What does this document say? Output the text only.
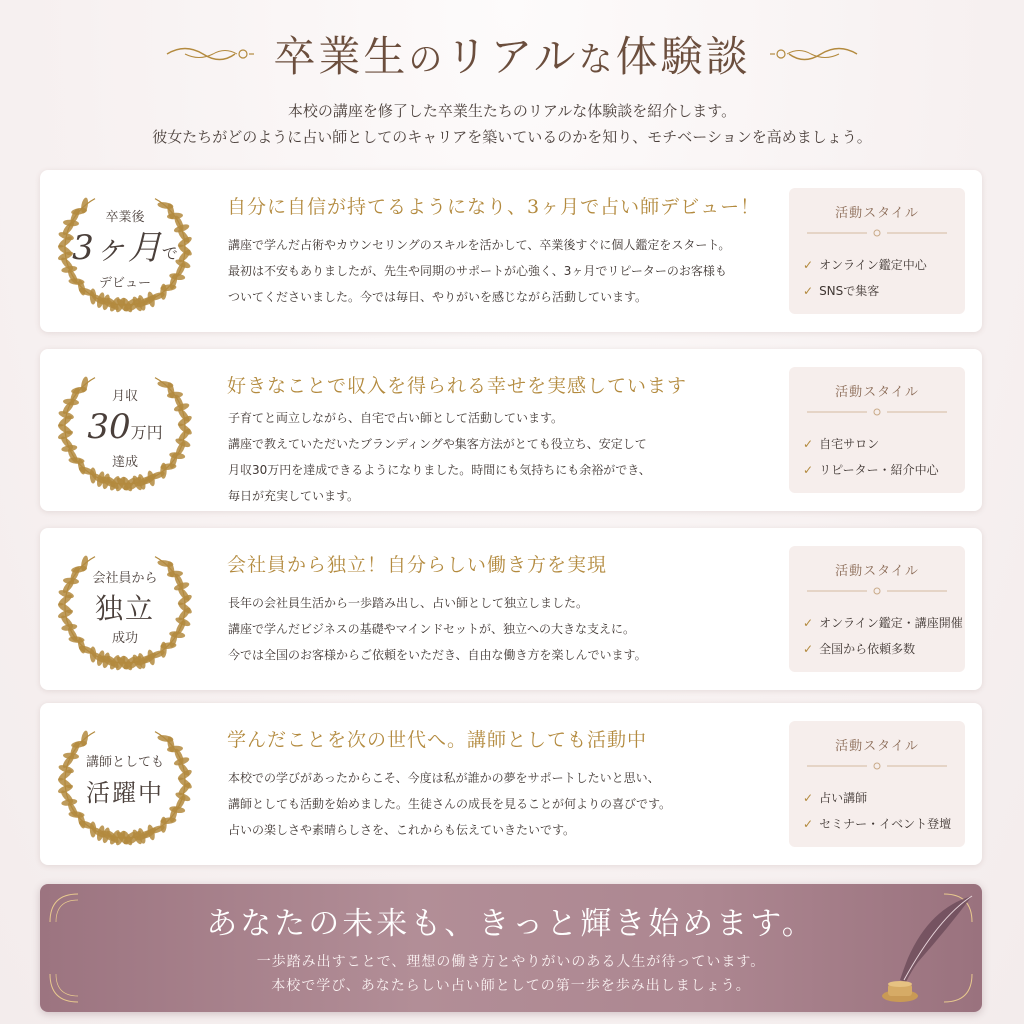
卒業生のリアルな体験談
本校の講座を修了した卒業生たちのリアルな体験談を紹介します。
彼女たちがどのように占い師としてのキャリアを築いているのかを知り、モチベーションを高めましょう。
卒業後
3ヶ月で
デビュー
自分に自信が持てるようになり、3ヶ月で占い師デビュー！
講座で学んだ占術やカウンセリングのスキルを活かして、卒業後すぐに個人鑑定をスタート。
最初は不安もありましたが、先生や同期のサポートが心強く、3ヶ月でリピーターのお客様も
ついてくださいました。今では毎日、やりがいを感じながら活動しています。
活動スタイル
✓ オンライン鑑定中心
✓ SNSで集客
月収
30万円
達成
好きなことで収入を得られる幸せを実感しています
子育てと両立しながら、自宅で占い師として活動しています。
講座で教えていただいたブランディングや集客方法がとても役立ち、安定して
月収30万円を達成できるようになりました。時間にも気持ちにも余裕ができ、
毎日が充実しています。
活動スタイル
✓ 自宅サロン
✓ リピーター・紹介中心
会社員から
独立
成功
会社員から独立！自分らしい働き方を実現
長年の会社員生活から一歩踏み出し、占い師として独立しました。
講座で学んだビジネスの基礎やマインドセットが、独立への大きな支えに。
今では全国のお客様からご依頼をいただき、自由な働き方を楽しんでいます。
活動スタイル
✓ オンライン鑑定・講座開催
✓ 全国から依頼多数
講師としても
活躍中
学んだことを次の世代へ。講師としても活動中
本校での学びがあったからこそ、今度は私が誰かの夢をサポートしたいと思い、
講師としても活動を始めました。生徒さんの成長を見ることが何よりの喜びです。
占いの楽しさや素晴らしさを、これからも伝えていきたいです。
活動スタイル
✓ 占い講師
✓ セミナー・イベント登壇
あなたの未来も、きっと輝き始めます。
一歩踏み出すことで、理想の働き方とやりがいのある人生が待っています。
本校で学び、あなたらしい占い師としての第一歩を歩み出しましょう。
